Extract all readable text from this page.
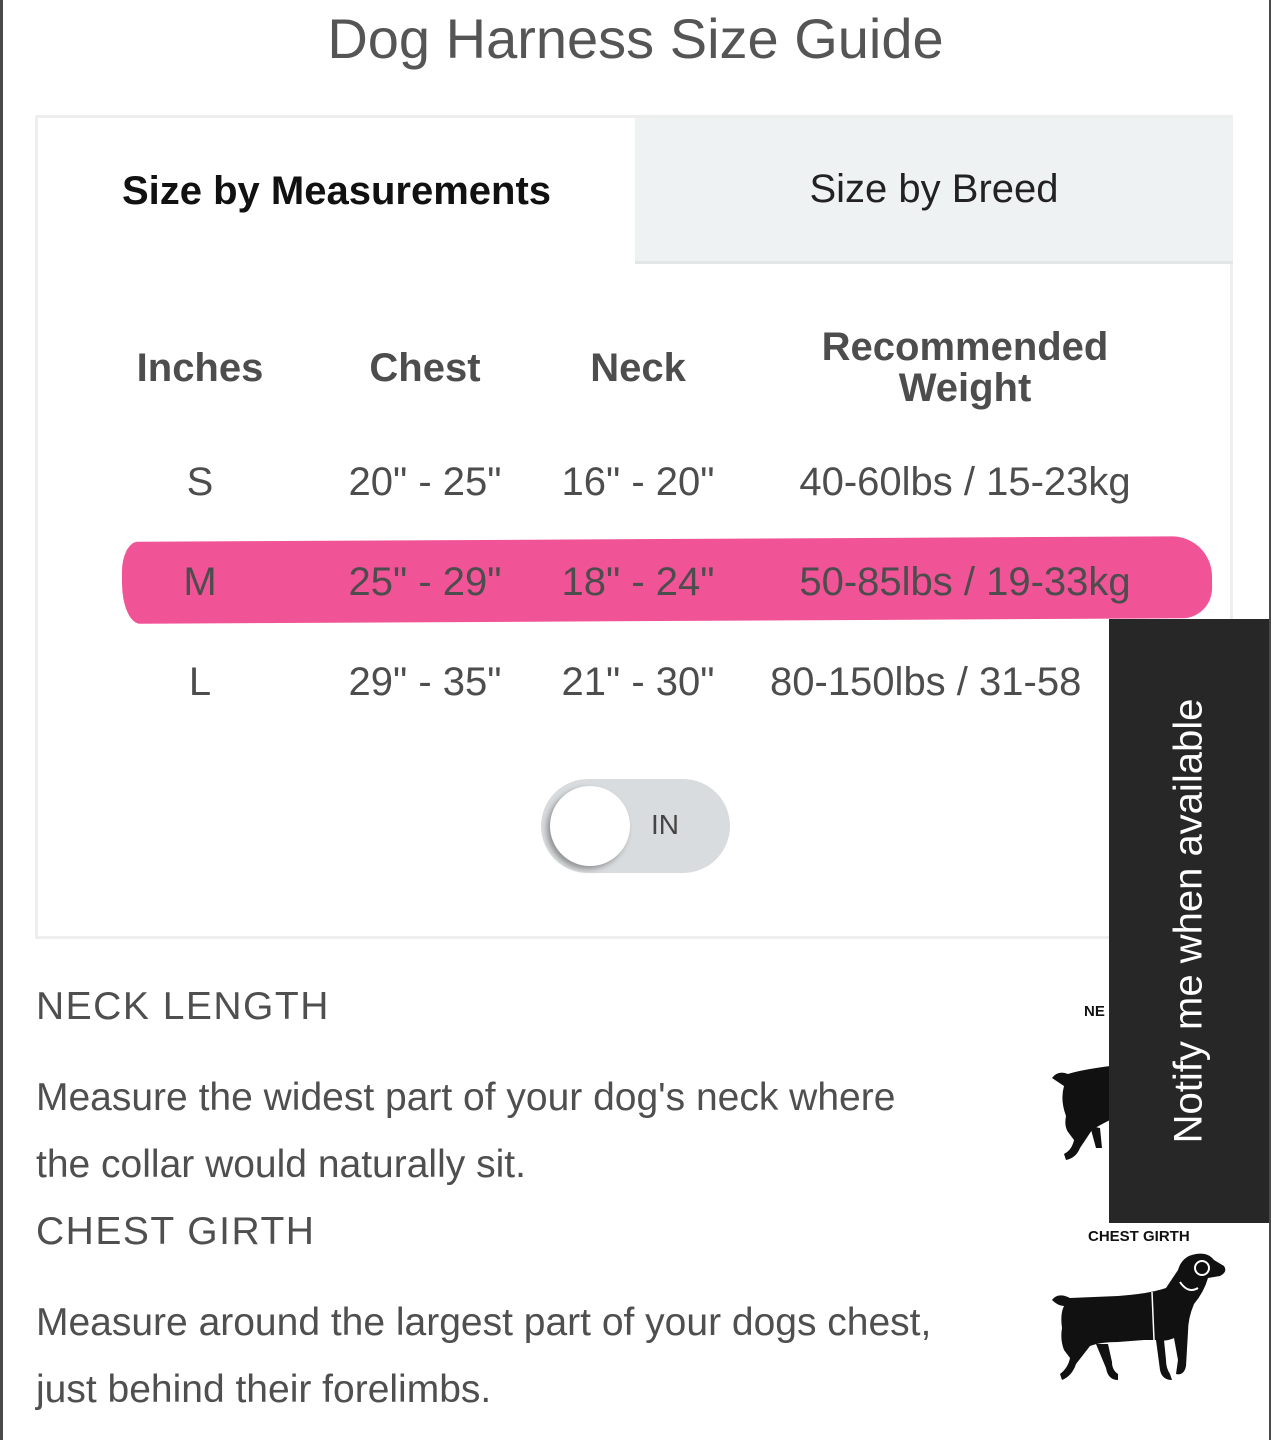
Dog Harness Size Guide
Size by Measurements	Size by Breed
Inches	Chest	Neck	Recommended
Weight
S	20" - 25"	16" - 20"	40-60lbs / 15-23kg
M	25" - 29"	18" - 24"	50-85lbs / 19-33kg
L	29" - 35"	21" - 30"	80-150lbs / 31-58
IN
NECK LENGTH
Measure the widest part of your dog's neck where the collar would naturally sit.
CHEST GIRTH
Measure around the largest part of your dogs chest, just behind their forelimbs.
NE
CHEST GIRTH
Notify me when available
